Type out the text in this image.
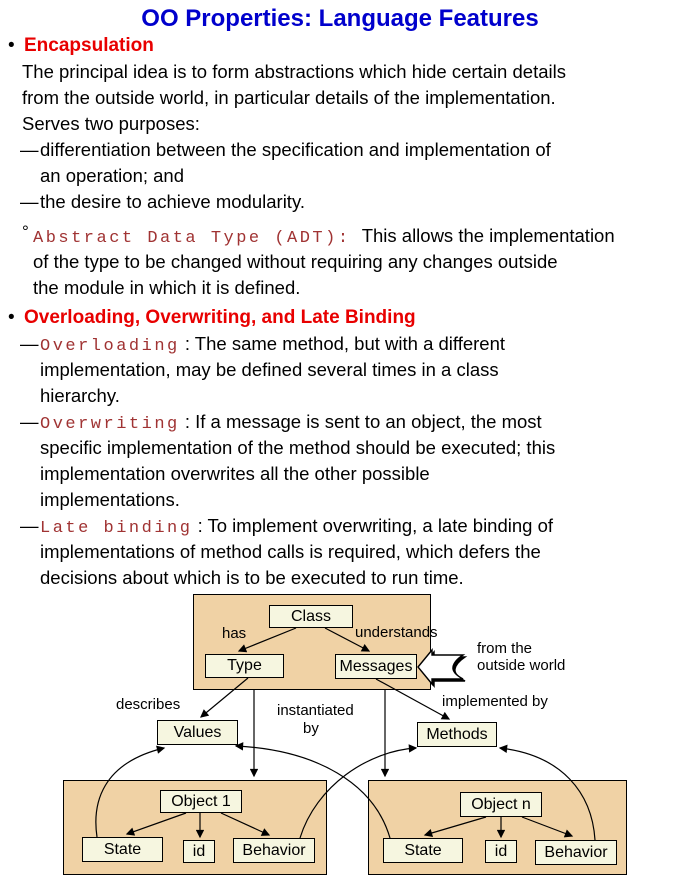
OO Properties: Language Features
• Encapsulation
The principal idea is to form abstractions which hide certain details
from the outside world, in particular details of the implementation.
Serves two purposes:
— differentiation between the specification and implementation of
an operation; and
— the desire to achieve modularity.
° Abstract Data Type (ADT): This allows the implementation
of the type to be changed without requiring any changes outside
the module in which it is defined.
• Overloading, Overwriting, and Late Binding
— Overloading : The same method, but with a different
implementation, may be defined several times in a class
hierarchy.
— Overwriting : If a message is sent to an object, the most
specific implementation of the method should be executed; this
implementation overwrites all the other possible
implementations.
— Late binding : To implement overwriting, a late binding of
implementations of method calls is required, which defers the
decisions about which is to be executed to run time.
Class
Type	Messages
Values	Methods
Object 1
State	id	Behavior
Object n
State	id	Behavior
has	understands
from the
outside world
describes	instantiated
by
implemented by
